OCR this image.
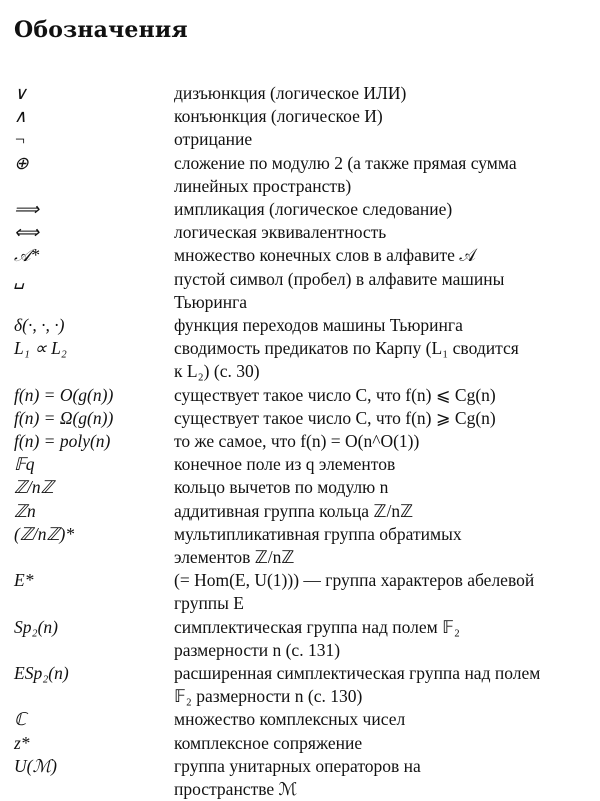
Обозначения
∨	дизъюнкция (логическое ИЛИ)
∧	конъюнкция (логическое И)
¬	отрицание
⊕	сложение по модулю 2 (а также прямая сумма
линейных пространств)
⟹	импликация (логическое следование)
⟺	логическая эквивалентность
𝒜*	множество конечных слов в алфавите 𝒜
␣	пустой символ (пробел) в алфавите машины
Тьюринга
δ(·, ·, ·)	функция переходов машины Тьюринга
L₁ ∝ L₂	сводимость предикатов по Карпу (L₁ сводится
к L₂) (с. 30)
f(n) = O(g(n))	существует такое число C, что f(n) ⩽ Cg(n)
f(n) = Ω(g(n))	существует такое число C, что f(n) ⩾ Cg(n)
f(n) = poly(n)	то же самое, что f(n) = O(n^O(1))
𝔽q	конечное поле из q элементов
ℤ/nℤ	кольцо вычетов по модулю n
ℤn	аддитивная группа кольца ℤ/nℤ
(ℤ/nℤ)*	мультипликативная группа обратимых
элементов ℤ/nℤ
E*	(= Hom(E, U(1))) — группа характеров абелевой
группы E
Sp₂(n)	симплектическая группа над полем 𝔽₂
размерности n (с. 131)
ESp₂(n)	расширенная симплектическая группа над полем
𝔽₂ размерности n (с. 130)
ℂ	множество комплексных чисел
z*	комплексное сопряжение
U(ℳ)	группа унитарных операторов на
пространстве ℳ
